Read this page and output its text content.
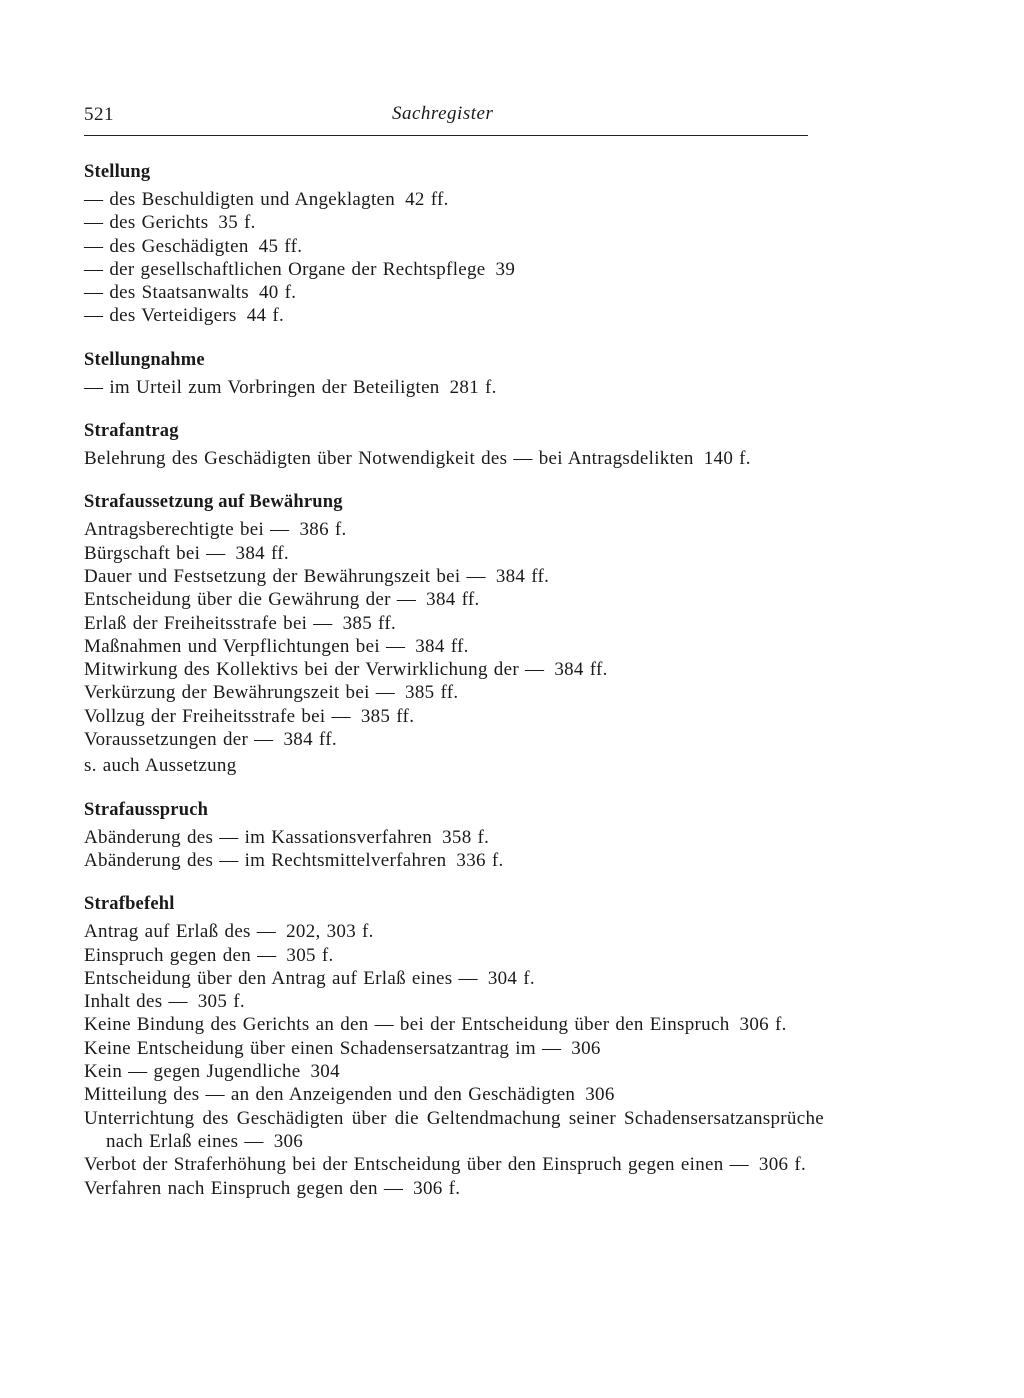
521	Sachregister
Stellung
— des Beschuldigten und Angeklagten 42 ff.
— des Gerichts 35 f.
— des Geschädigten 45 ff.
— der gesellschaftlichen Organe der Rechtspflege 39
— des Staatsanwalts 40 f.
— des Verteidigers 44 f.
Stellungnahme
— im Urteil zum Vorbringen der Beteiligten 281 f.
Strafantrag
Belehrung des Geschädigten über Notwendigkeit des — bei Antragsdelikten 140 f.
Strafaussetzung auf Bewährung
Antragsberechtigte bei — 386 f.
Bürgschaft bei — 384 ff.
Dauer und Festsetzung der Bewährungszeit bei — 384 ff.
Entscheidung über die Gewährung der — 384 ff.
Erlaß der Freiheitsstrafe bei — 385 ff.
Maßnahmen und Verpflichtungen bei — 384 ff.
Mitwirkung des Kollektivs bei der Verwirklichung der — 384 ff.
Verkürzung der Bewährungszeit bei — 385 ff.
Vollzug der Freiheitsstrafe bei — 385 ff.
Voraussetzungen der — 384 ff.
s. auch Aussetzung
Strafausspruch
Abänderung des — im Kassationsverfahren 358 f.
Abänderung des — im Rechtsmittelverfahren 336 f.
Strafbefehl
Antrag auf Erlaß des — 202, 303 f.
Einspruch gegen den — 305 f.
Entscheidung über den Antrag auf Erlaß eines — 304 f.
Inhalt des — 305 f.
Keine Bindung des Gerichts an den — bei der Entscheidung über den Einspruch 306 f.
Keine Entscheidung über einen Schadensersatzantrag im — 306
Kein — gegen Jugendliche 304
Mitteilung des — an den Anzeigenden und den Geschädigten 306
Unterrichtung des Geschädigten über die Geltendmachung seiner Schadensersatzansprüche nach Erlaß eines — 306
Verbot der Straferhöhung bei der Entscheidung über den Einspruch gegen einen — 306 f.
Verfahren nach Einspruch gegen den — 306 f.
